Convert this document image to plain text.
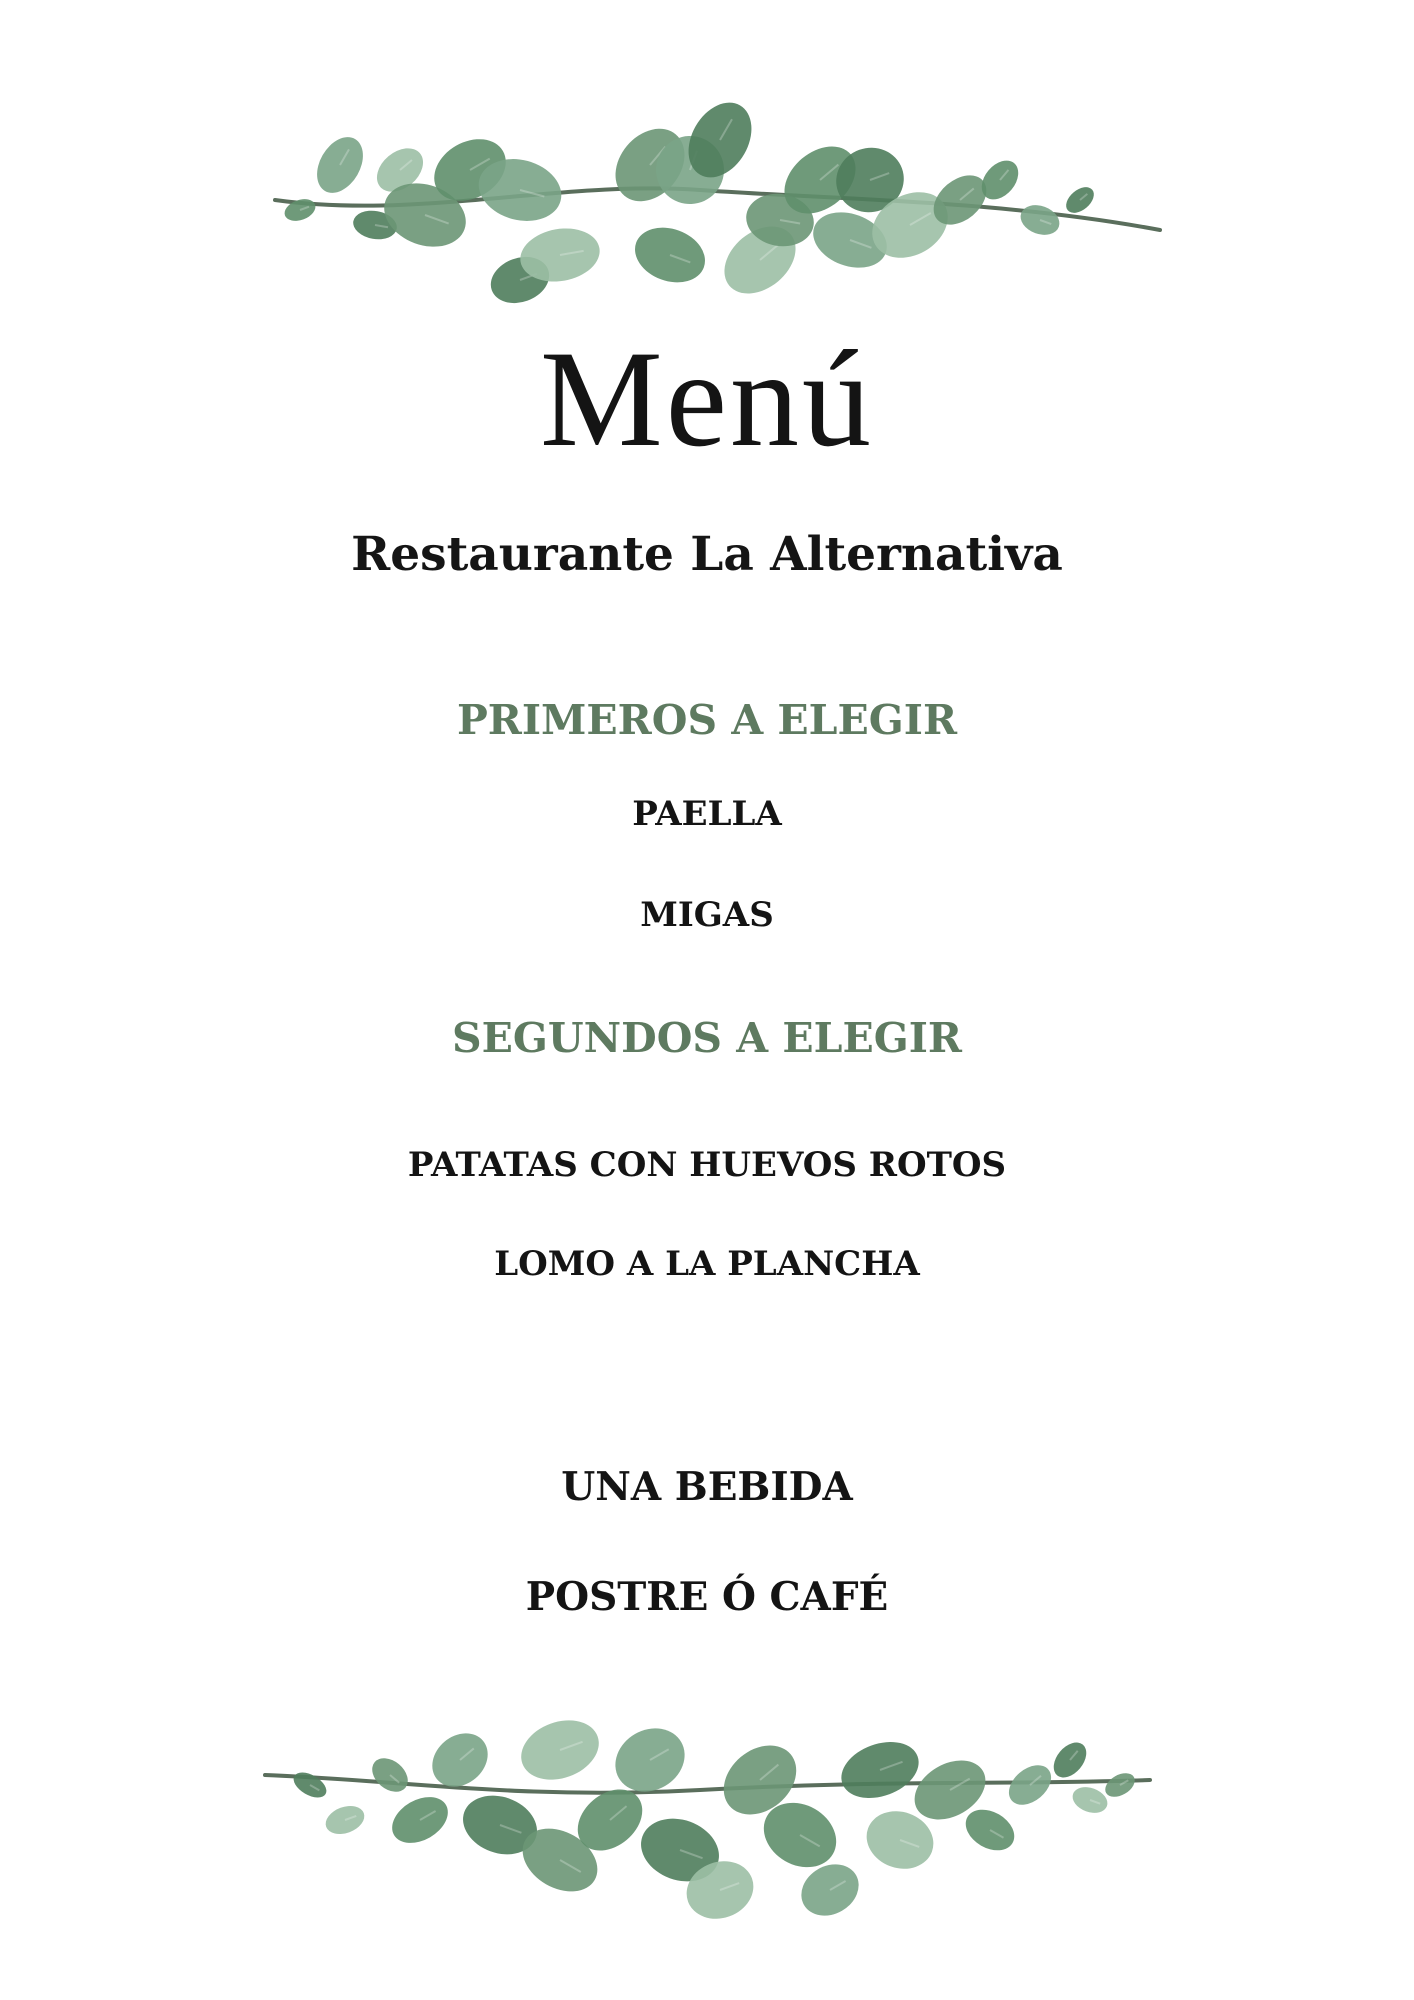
Menú
Restaurante La Alternativa
PRIMEROS A ELEGIR
PAELLA
MIGAS
SEGUNDOS A ELEGIR
PATATAS CON HUEVOS ROTOS
LOMO A LA PLANCHA
UNA BEBIDA
POSTRE Ó CAFÉ
